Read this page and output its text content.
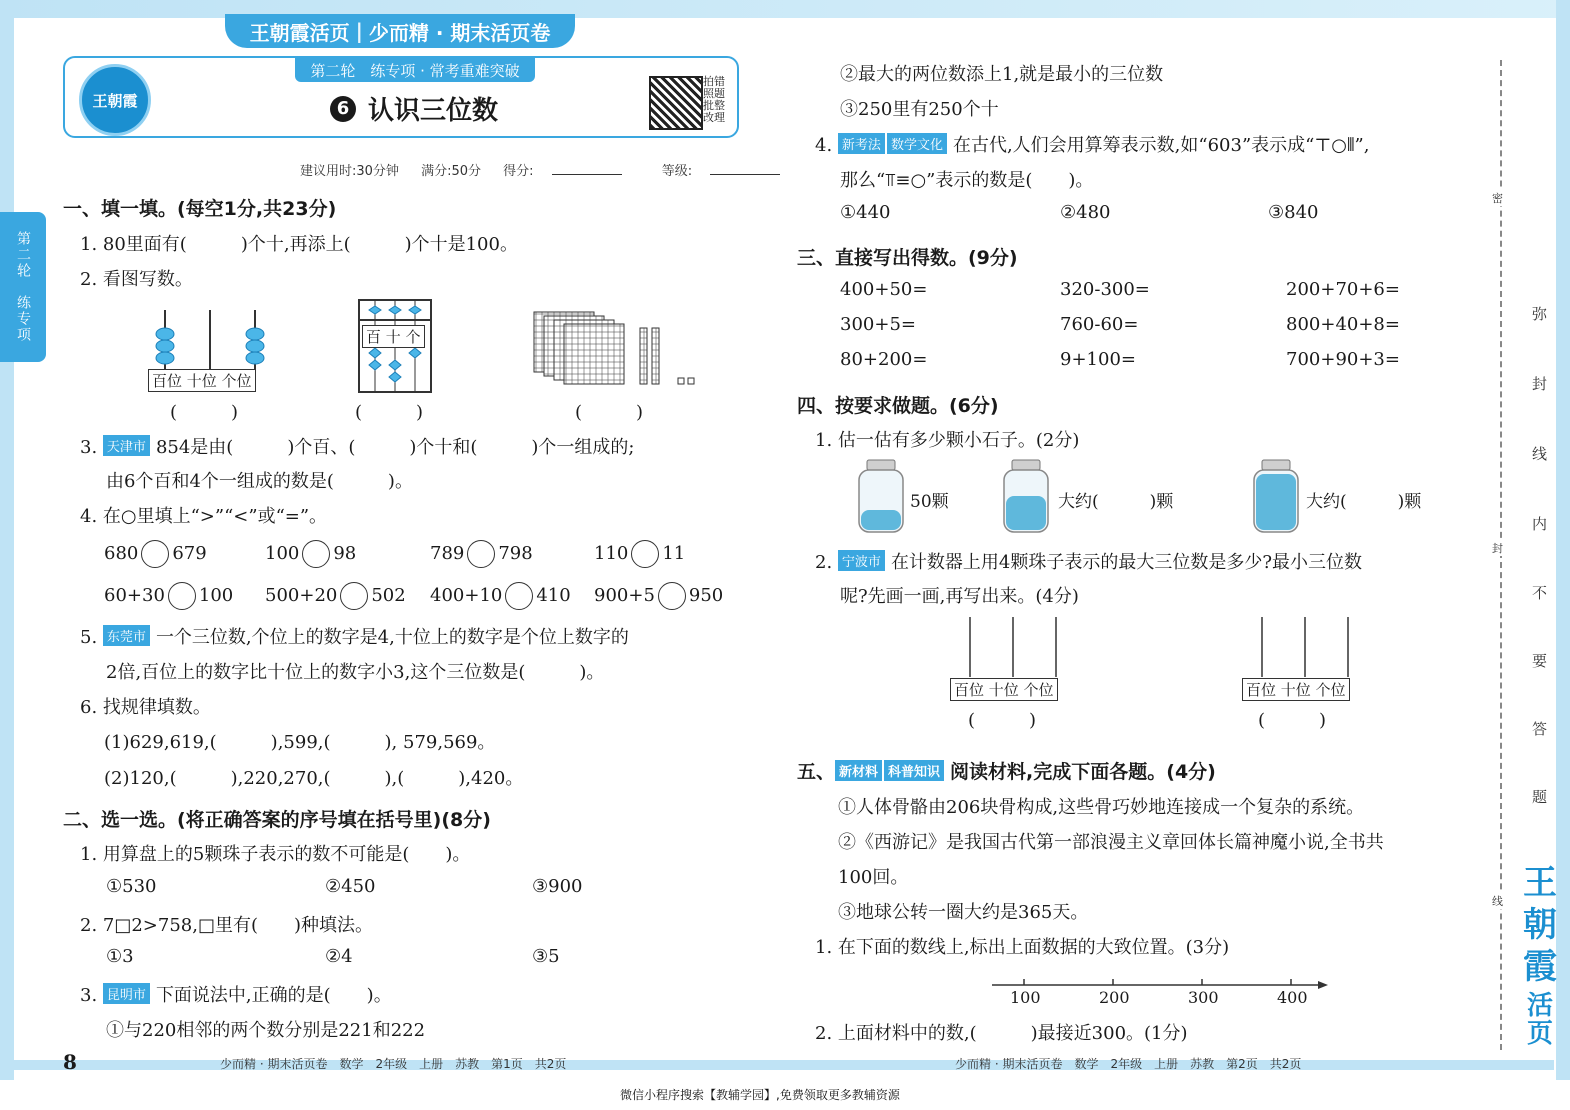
王朝霞活页 | 少而精 · 期末活页卷
王朝霞
第二轮　练专项 · 常考重难突破
6 认识三位数
拍错照题批整改理
建议用时:30分钟 满分:50分 得分:	等级:
第二轮　练专项
一、填一填。(每空1分,共23分)
1. 80里面有(　　　)个十,再添上(　　　)个十是100。
2. 看图写数。
百位 十位 个位
(　　　)
百 十 个
(　　　)	(　　　)
3. 天津市 854是由(　　　)个百、(　　　)个十和(　　　)个一组成的;
由6个百和4个一组成的数是(　　　)。
4. 在○里填上“>”“<”或“=”。
680 679	100 98	789 798	110 11
60+30 100 500+20 502 400+10 410 900+5 950
5. 东莞市 一个三位数,个位上的数字是4,十位上的数字是个位上数字的
2倍,百位上的数字比十位上的数字小3,这个三位数是(　　　)。
6. 找规律填数。
(1)629,619,(　　　),599,(　　　), 579,569。
(2)120,(　　　),220,270,(　　　),(　　　),420。
二、选一选。(将正确答案的序号填在括号里)(8分)
1. 用算盘上的5颗珠子表示的数不可能是(　　)。
①530	②450	③900
2. 7□2>758,□里有(　　)种填法。
①3	②4	③5
3. 昆明市 下面说法中,正确的是(　　)。
①与220相邻的两个数分别是221和222
8	少而精 · 期末活页卷　数学　2年级　上册　苏教　第1页　共2页
②最大的两位数添上1,就是最小的三位数
③250里有250个十
4. 新考法 数学文化 在古代,人们会用算筹表示数,如“603”表示成“⊤○⫴”,
那么“⫪≡○”表示的数是(　　)。
①440	②480	③840
三、直接写出得数。(9分)
400+50=	320-300=	200+70+6=
300+5=	760-60=	800+40+8=
80+200=	9+100=	700+90+3=
四、按要求做题。(6分)
1. 估一估有多少颗小石子。(2分)
50颗	大约(　　　)颗	大约(　　　)颗
2. 宁波市 在计数器上用4颗珠子表示的最大三位数是多少?最小三位数
呢?先画一画,再写出来。(4分)
百位 十位 个位
(　　　)
百位 十位 个位
(　　　)
五、 新材料 科普知识 阅读材料,完成下面各题。(4分)
①人体骨骼由206块骨构成,这些骨巧妙地连接成一个复杂的系统。
②《西游记》是我国古代第一部浪漫主义章回体长篇神魔小说,全书共
100回。
③地球公转一圈大约是365天。
1. 在下面的数线上,标出上面数据的大致位置。(3分)
100	200	300	400
2. 上面材料中的数,(　　　)最接近300。(1分)
少而精 · 期末活页卷　数学　2年级　上册　苏教　第2页　共2页
弥
封
线
内
不
要
答
题
密
封
线 王朝霞
活页
微信小程序搜索【教辅学园】,免费领取更多教辅资源
